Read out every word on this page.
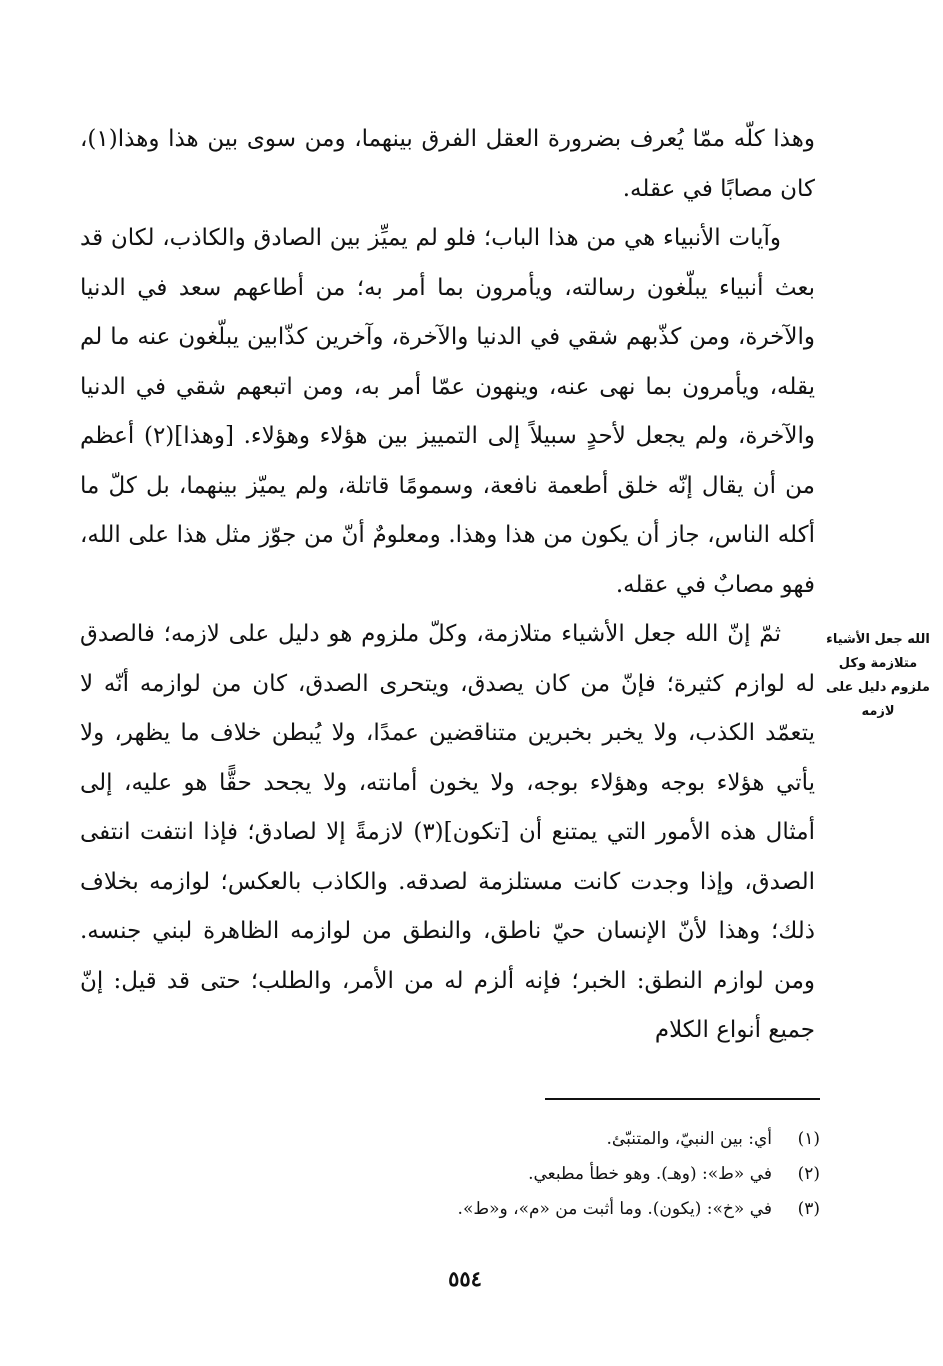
وهذا كلّه ممّا يُعرف بضرورة العقل الفرق بينهما، ومن سوى بين هذا وهذا(١)، كان مصابًا في عقله.

وآيات الأنبياء هي من هذا الباب؛ فلو لم يميِّز بين الصادق والكاذب، لكان قد بعث أنبياء يبلّغون رسالته، ويأمرون بما أمر به؛ من أطاعهم سعد في الدنيا والآخرة، ومن كذّبهم شقي في الدنيا والآخرة، وآخرين كذّابين يبلّغون عنه ما لم يقله، ويأمرون بما نهى عنه، وينهون عمّا أمر به، ومن اتبعهم شقي في الدنيا والآخرة، ولم يجعل لأحدٍ سبيلاً إلى التمييز بين هؤلاء وهؤلاء. [وهذا](٢) أعظم من أن يقال إنّه خلق أطعمة نافعة، وسمومًا قاتلة، ولم يميّز بينهما، بل كلّ ما أكله الناس، جاز أن يكون من هذا وهذا. ومعلومٌ أنّ من جوّز مثل هذا على الله، فهو مصابٌ في عقله.

ثمّ إنّ الله جعل الأشياء متلازمة، وكلّ ملزوم هو دليل على لازمه؛ فالصدق له لوازم كثيرة؛ فإنّ من كان يصدق، ويتحرى الصدق، كان من لوازمه أنّه لا يتعمّد الكذب، ولا يخبر بخبرين متناقضين عمدًا، ولا يُبطن خلاف ما يظهر، ولا يأتي هؤلاء بوجه وهؤلاء بوجه، ولا يخون أمانته، ولا يجحد حقًّا هو عليه، إلى أمثال هذه الأمور التي يمتنع أن [تكون](٣) لازمةً إلا لصادق؛ فإذا انتفت انتفى الصدق، وإذا وجدت كانت مستلزمة لصدقه. والكاذب بالعكس؛ لوازمه بخلاف ذلك؛ وهذا لأنّ الإنسان حيّ ناطق، والنطق من لوازمه الظاهرة لبني جنسه. ومن لوازم النطق: الخبر؛ فإنه ألزم له من الأمر، والطلب؛ حتى قد قيل: إنّ جميع أنواع الكلام

الله جعل الأشياء متلازمة وكل ملزوم دليل على لازمه
(١)أي: بين النبيّ، والمتنبّئ.
(٢)في «ط»: (وهـ). وهو خطأ مطبعي.
(٣)في «خ»: (يكون). وما أثبت من «م»، و«ط».
٥٥٤
